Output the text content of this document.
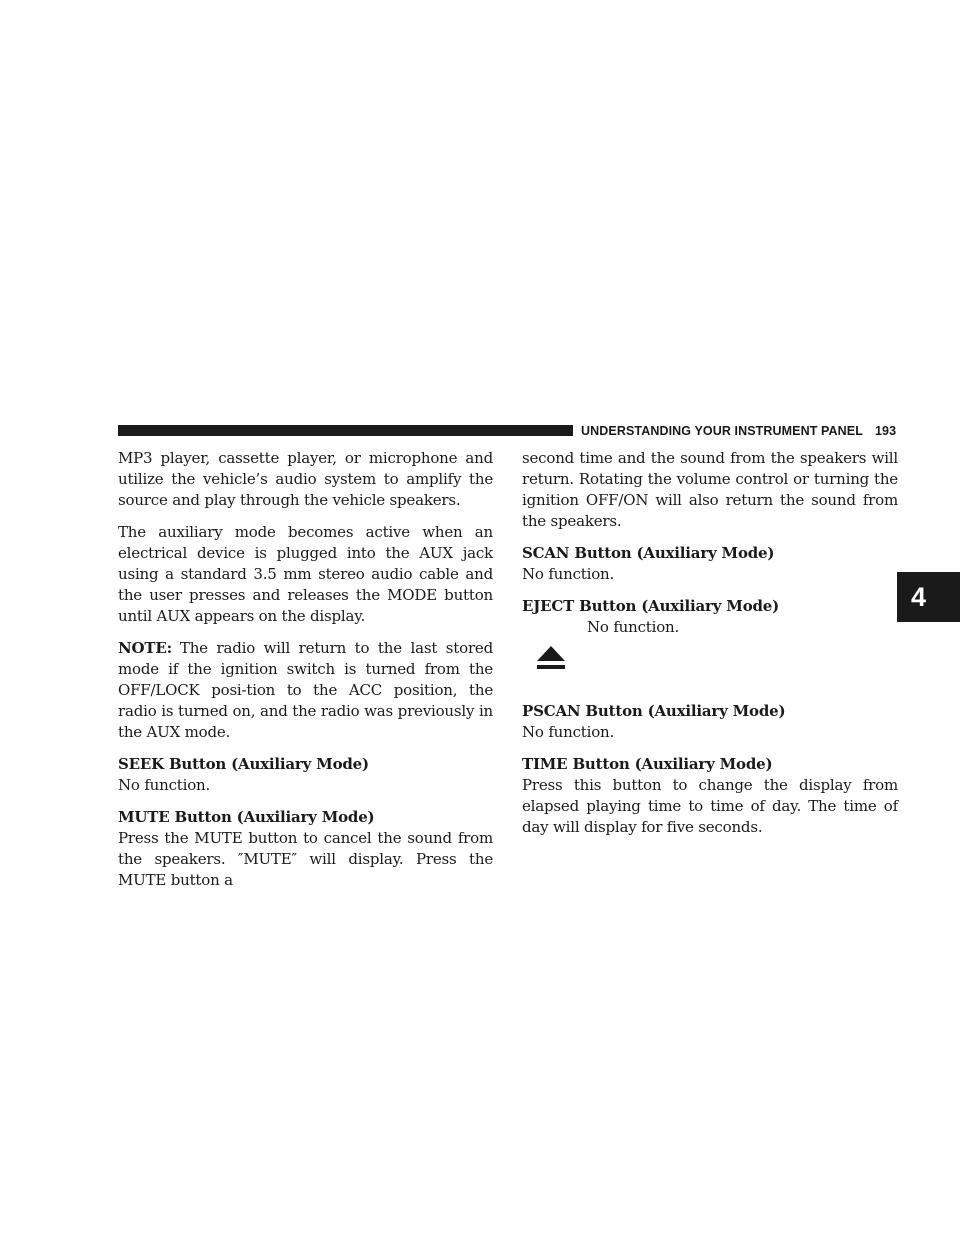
UNDERSTANDING YOUR INSTRUMENT PANEL 193
4

MP3 player, cassette player, or microphone and utilize the vehicle’s audio system to amplify the source and play through the vehicle speakers.

The auxiliary mode becomes active when an electrical device is plugged into the AUX jack using a standard 3.5 mm stereo audio cable and the user presses and releases the MODE button until AUX appears on the display.

NOTE: The radio will return to the last stored mode if the ignition switch is turned from the OFF/LOCK posi-tion to the ACC position, the radio is turned on, and the radio was previously in the AUX mode.

SEEK Button (Auxiliary Mode)

No function.

MUTE Button (Auxiliary Mode)

Press the MUTE button to cancel the sound from the speakers. ″MUTE″ will display. Press the MUTE button a

second time and the sound from the speakers will return. Rotating the volume control or turning the ignition OFF/ON will also return the sound from the speakers.

SCAN Button (Auxiliary Mode)

No function.

EJECT Button (Auxiliary Mode)

No function.

PSCAN Button (Auxiliary Mode)

No function.

TIME Button (Auxiliary Mode)

Press this button to change the display from elapsed playing time to time of day. The time of day will display for five seconds.
